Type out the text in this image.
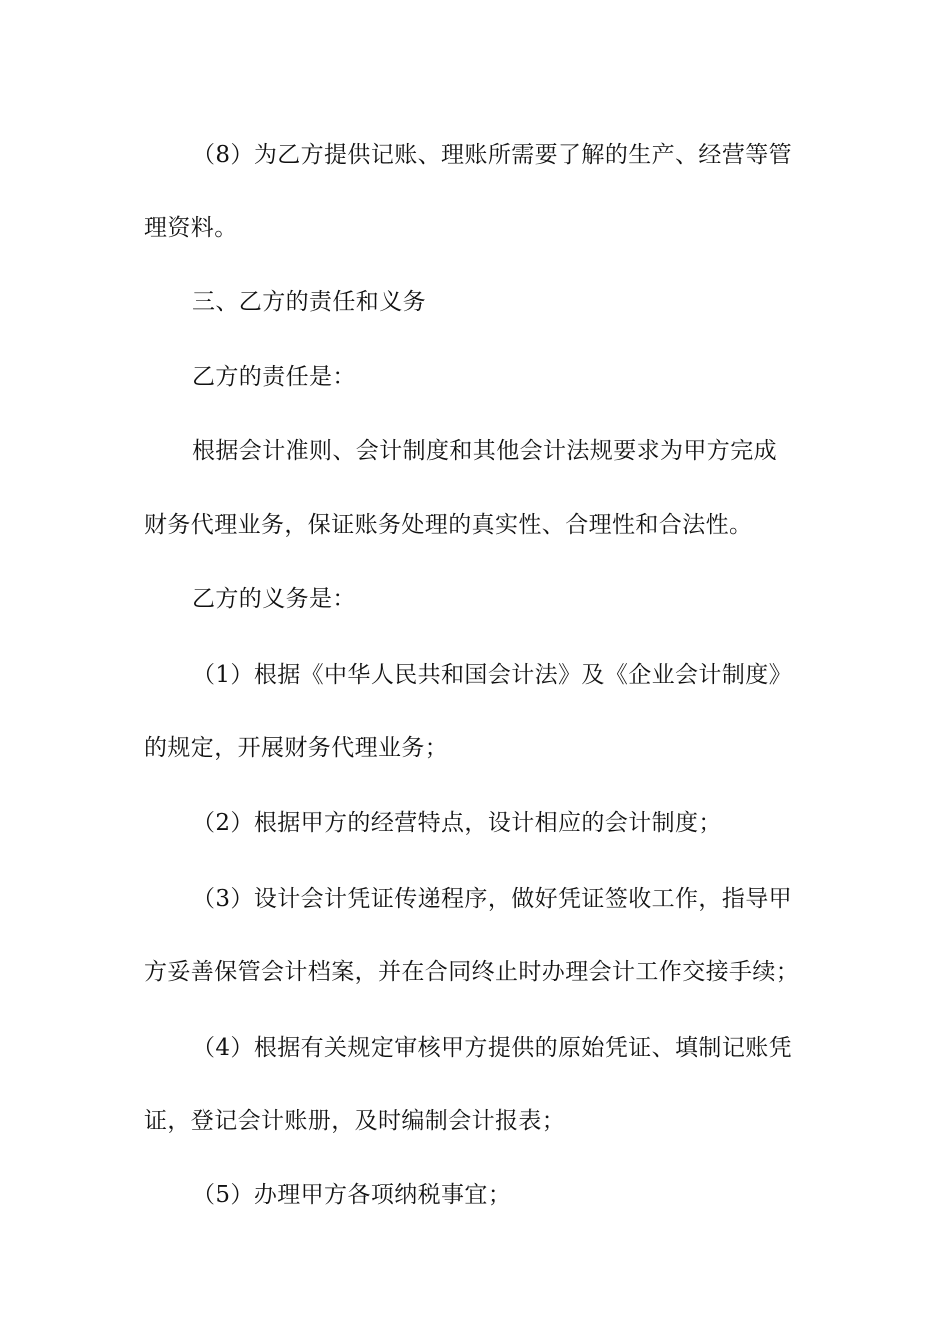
（8）为乙方提供记账、理账所需要了解的生产、经营等管
理资料。
三、乙方的责任和义务
乙方的责任是：
根据会计准则、会计制度和其他会计法规要求为甲方完成
财务代理业务，保证账务处理的真实性、合理性和合法性。
乙方的义务是：
（1）根据《中华人民共和国会计法》及《企业会计制度》
的规定，开展财务代理业务；
（2）根据甲方的经营特点，设计相应的会计制度；
（3）设计会计凭证传递程序，做好凭证签收工作，指导甲
方妥善保管会计档案，并在合同终止时办理会计工作交接手续；
（4）根据有关规定审核甲方提供的原始凭证、填制记账凭
证，登记会计账册，及时编制会计报表；
（5）办理甲方各项纳税事宜；
